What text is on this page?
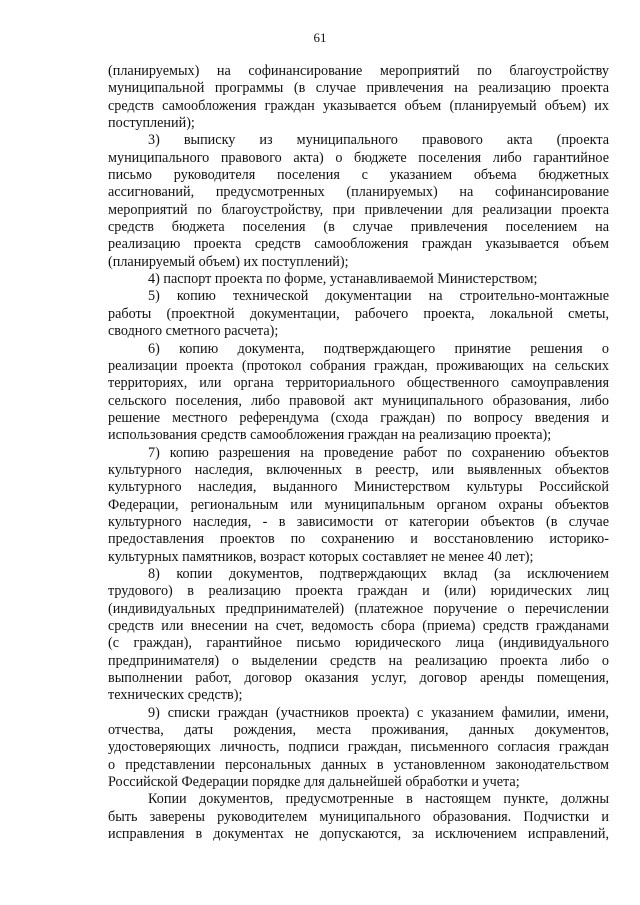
61
(планируемых) на софинансирование мероприятий по благоустройству
муниципальной программы (в случае привлечения на реализацию проекта
средств самообложения граждан указывается объем (планируемый объем) их
поступлений);
3) выписку из муниципального правового акта (проекта
муниципального правового акта) о бюджете поселения либо гарантийное
письмо руководителя поселения с указанием объема бюджетных
ассигнований, предусмотренных (планируемых) на софинансирование
мероприятий по благоустройству, при привлечении для реализации проекта
средств бюджета поселения (в случае привлечения поселением на
реализацию проекта средств самообложения граждан указывается объем
(планируемый объем) их поступлений);
4) паспорт проекта по форме, устанавливаемой Министерством;
5) копию технической документации на строительно-монтажные
работы (проектной документации, рабочего проекта, локальной сметы,
сводного сметного расчета);
6) копию документа, подтверждающего принятие решения о
реализации проекта (протокол собрания граждан, проживающих на сельских
территориях, или органа территориального общественного самоуправления
сельского поселения, либо правовой акт муниципального образования, либо
решение местного референдума (схода граждан) по вопросу введения и
использования средств самообложения граждан на реализацию проекта);
7) копию разрешения на проведение работ по сохранению объектов
культурного наследия, включенных в реестр, или выявленных объектов
культурного наследия, выданного Министерством культуры Российской
Федерации, региональным или муниципальным органом охраны объектов
культурного наследия, - в зависимости от категории объектов (в случае
предоставления проектов по сохранению и восстановлению историко-
культурных памятников, возраст которых составляет не менее 40 лет);
8) копии документов, подтверждающих вклад (за исключением
трудового) в реализацию проекта граждан и (или) юридических лиц
(индивидуальных предпринимателей) (платежное поручение о перечислении
средств или внесении на счет, ведомость сбора (приема) средств гражданами
(с граждан), гарантийное письмо юридического лица (индивидуального
предпринимателя) о выделении средств на реализацию проекта либо о
выполнении работ, договор оказания услуг, договор аренды помещения,
технических средств);
9) списки граждан (участников проекта) с указанием фамилии, имени,
отчества, даты рождения, места проживания, данных документов,
удостоверяющих личность, подписи граждан, письменного согласия граждан
о представлении персональных данных в установленном законодательством
Российской Федерации порядке для дальнейшей обработки и учета;
Копии документов, предусмотренные в настоящем пункте, должны
быть заверены руководителем муниципального образования. Подчистки и
исправления в документах не допускаются, за исключением исправлений,
